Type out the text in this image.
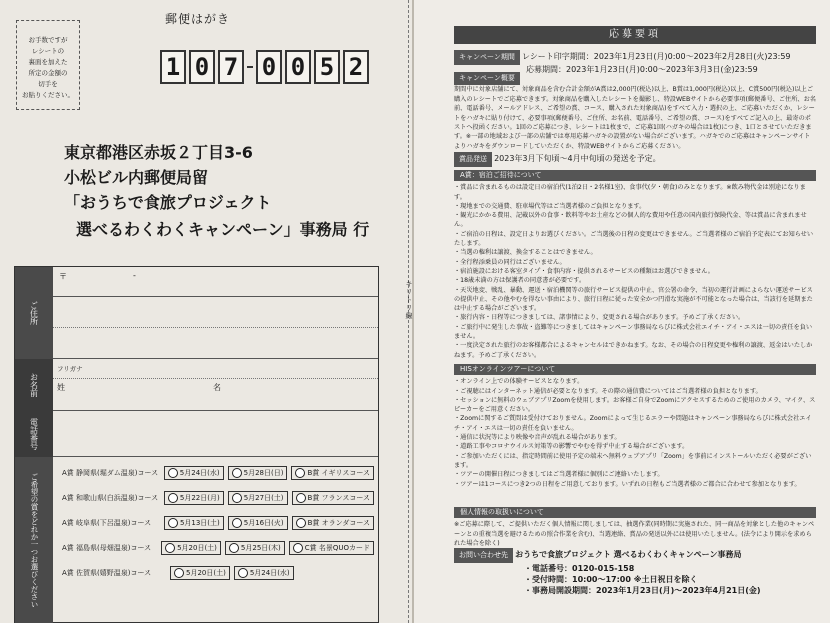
キリトリ線
お手数ですが
レシートの
裏面を加えた
所定の金額の
切手を
お貼りください。
郵便はがき
1 0 7 0 0 5 2
東京都港区赤坂２丁目3-6
小松ビル内郵便局留
「おうちで食旅プロジェクト
選べるわくわくキャンペーン」事務局 行
ご住所
〒	-
お名前
フリガナ
姓	名
電話番号
ご希望の賞をどれか一つお選びください	A賞 静岡県(堀ダム温泉)コース	5月24日(水)	5月28日(日)	B賞 イギリスコース
A賞 和歌山県(白浜温泉)コース	5月22日(月)	5月27日(土)	B賞 フランスコース
A賞 岐阜県(下呂温泉)コース	5月13日(土)	5月16日(火)	B賞 オランダコース
A賞 福島県(母畑温泉)コース	5月20日(土)	5月25日(木)	C賞 名景QUOカード
A賞 佐賀県(嬉野温泉)コース	5月20日(土)	5月24日(水)
応募要項

キャンペーン期間 レシート印字期間：2023年1月23日(月)0:00～2023年2月28日(火)23:59

応募期間：2023年1月23日(月)0:00～2023年3月3日(金)23:59

キャンペーン概要

期間中に対象店舗にて、対象商品を含む合計金額がA賞は2,000円(税込)以上、B賞は1,000円(税込)以上、C賞500円(税込)以上ご購入のレシートでご応募できます。対象商品を購入したレシートを撮影し、特設WEBサイトから必要事項(郵便番号、ご住所、お名前、電話番号、メールアドレス、ご希望の賞、コース、購入された対象商品)をすべて入力・選択の上、ご応募いただくか、レシートをハガキに貼り付けて、必要事項(郵便番号、ご住所、お名前、電話番号、ご希望の賞、コース)をすべてご記入の上、最寄のポストへ投函ください。1回のご応募につき、レシートは1枚まで、ご応募1回(ハガキの場合は1枚)につき、1口とさせていただきます。※一部の地域および一部の店舗では専用応募ハガキの設置がない場合がございます。ハガキでのご応募はキャンペーンサイトよりハガキをダウンロードしていただくか、特設WEBサイトからご応募ください。

賞品発送 2023年3月下旬頃～4月中旬頃の発送を予定。

A賞：宿泊ご招待について

・賞品に含まれるものは設定日の宿泊代(1泊2日・2名様1室)、食事代(夕・朝食)のみとなります。※飲み物代金は別途になります。

・現地までの交通費、駐車場代等はご当選者様のご負担となります。

・観光にかかる費用、記載以外の食事・飲料等やお土産などの個人的な費用や任意の国内旅行保険代金、等は賞品に含まれません。

・ご宿泊の日程は、設定日よりお選びください。ご当選後の日程の変更はできません。ご当選者様のご宿泊予定表にてお知らせいたします。

・当選の権利は譲渡、換金することはできません。

・全行程添乗員の同行はございません。

・宿泊施設における客室タイプ・食事内容・提供されるサービスの種類はお選びできません。

・18歳未満の方は保護者の同意書が必要です。

・天災地変、戦乱、暴動、運送・宿泊機関等の旅行サービス提供の中止、官公署の命令、当初の運行計画によらない運送サービスの提供中止、その他やむを得ない事由により、旅行日程に従った安全かつ円滑な実施が不可能となった場合は、当該行を延期または中止する場合がございます。

・旅行内容・日程等につきましては、諸事情により、変更される場合があります。予めご了承ください。

・ご旅行中に発生した事故・盗難等につきましてはキャンペーン事務局ならびに株式会社エイチ・アイ・エスは一切の責任を負いません。

・一度決定された旅行のお客様都合によるキャンセルはできかねます。なお、その場合の日程変更や権利の譲渡、返金はいたしかねます。予めご了承ください。

HISオンラインツアーについて

・オンライン上での体験サービスとなります。

・ご視聴にはインターネット通信が必要となります。その際の通信費についてはご当選者様の負担となります。

・セッションに無料のウェブアプリZoomを使用します。お客様ご自身でZoomにアクセスするためのご使用のカメラ、マイク、スピーカーをご用意ください。

・Zoomに関するご質問は受付けておりません。Zoomによって生じるエラーや問題はキャンペーン事務局ならびに株式会社エイチ・アイ・エスは一切の責任を負いません。

・通信に状況等により映像や音声が乱れる場合があります。

・道路工事やコロナウイルス対策等の影響でやむを得ず中止する場合がございます。

・ご参加いただくには、指定時間前に使用予定の端末へ無料ウェブアプリ「Zoom」を事前にインストールいただく必要がございます。

・ツアーの開催日程につきましてはご当選者様に個別にご連絡いたします。

・ツアーは1コースにつき2つの日程をご用意しております。いずれの日程もご当選者様のご都合に合わせて参加となります。

個人情報の取扱いについて

※ご応募に際して、ご提供いただく個人情報に関しましては、抽選作業(同時期に実施された、同一商品を対象とした他のキャンペーンとの重複当選を避けるための照合作業を含む)、当選連絡、賞品の発送以外には使用いたしません。(法令により開示を求められた場合を除く)

お問い合わせ先 おうちで食旅プロジェクト 選べるわくわくキャンペーン事務局

・電話番号：0120-015-158

・受付時間：10:00～17:00 ※土日祝日を除く

・事務局開設期間：2023年1月23日(月)～2023年4月21日(金)
